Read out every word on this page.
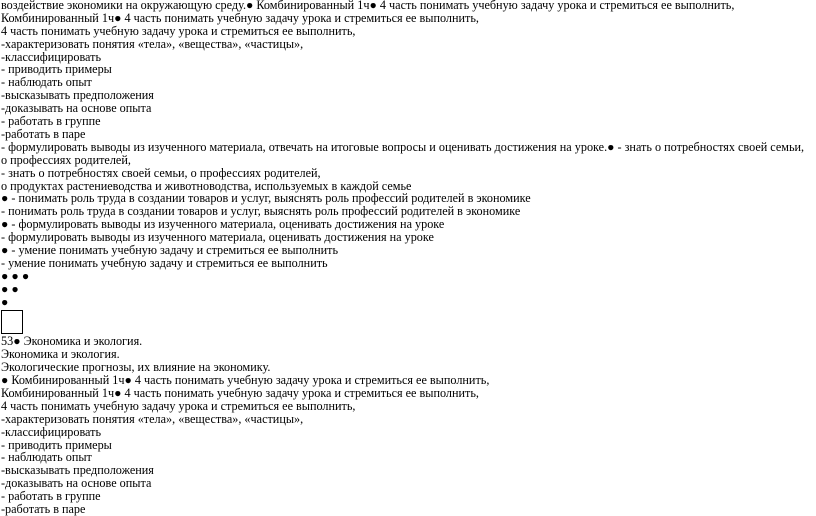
воздействие экономики на окружающую среду.● Комбинированный 1ч● 4 часть понимать учебную задачу урока и стремиться ее выполнить,
Комбинированный 1ч● 4 часть понимать учебную задачу урока и стремиться ее выполнить,
4 часть понимать учебную задачу урока и стремиться ее выполнить,
-характеризовать понятия «тела», «вещества», «частицы»,
-классифицировать
- приводить примеры
- наблюдать опыт
-высказывать предположения
-доказывать на основе опыта
- работать в группе
-работать в паре
- формулировать выводы из изученного материала, отвечать на итоговые вопросы и оценивать достижения на уроке.● - знать о потребностях своей семьи, о профессиях родителей,
- знать о потребностях своей семьи, о профессиях родителей,
о продуктах растениеводства и животноводства, используемых в каждой семье
● - понимать роль труда в создании товаров и услуг, выяснять роль профессий родителей в экономике
- понимать роль труда в создании товаров и услуг, выяснять роль профессий родителей в экономике
● - формулировать выводы из изученного материала, оценивать достижения на уроке
- формулировать выводы из изученного материала, оценивать достижения на уроке
● - умение понимать учебную задачу и стремиться ее выполнить
- умение понимать учебную задачу и стремиться ее выполнить
● ● ●
● ●
●
53● Экономика и экология.
Экономика и экология.
Экологические прогнозы, их влияние на экономику.
● Комбинированный 1ч● 4 часть понимать учебную задачу урока и стремиться ее выполнить,
Комбинированный 1ч● 4 часть понимать учебную задачу урока и стремиться ее выполнить,
4 часть понимать учебную задачу урока и стремиться ее выполнить,
-характеризовать понятия «тела», «вещества», «частицы»,
-классифицировать
- приводить примеры
- наблюдать опыт
-высказывать предположения
-доказывать на основе опыта
- работать в группе
-работать в паре
